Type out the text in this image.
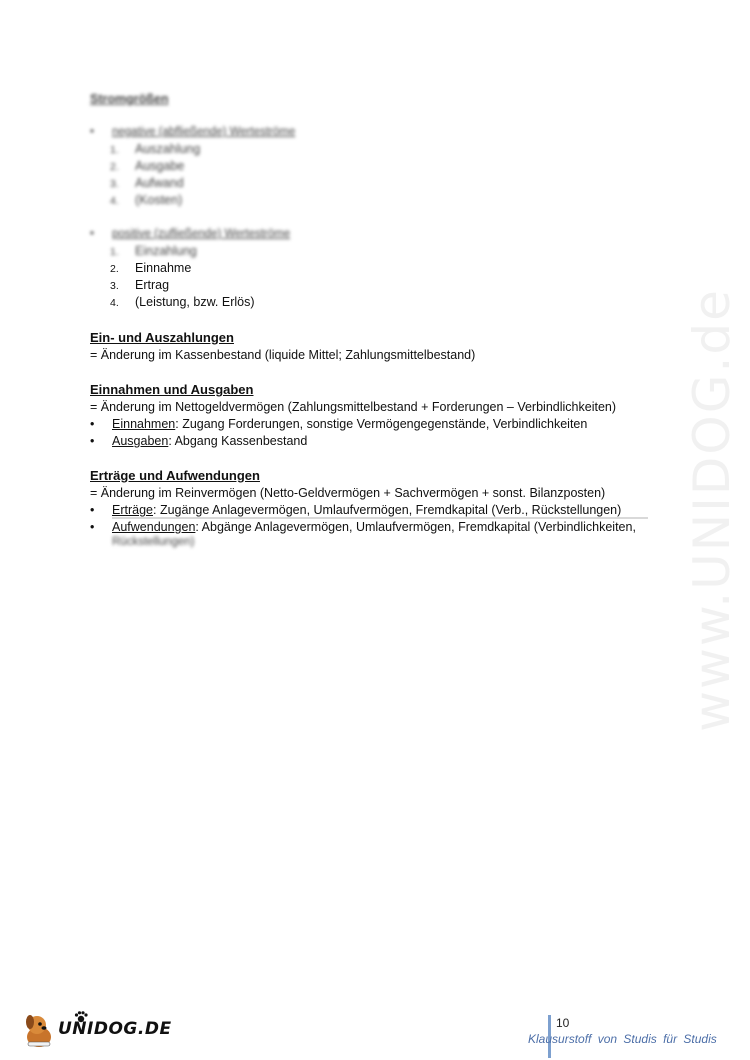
www.UNIDOG.de
Stromgrößen
• negative (abfließende) Werteströme
1. Auszahlung
2. Ausgabe
3. Aufwand
4. (Kosten)
• positive (zufließende) Werteströme
1. Einzahlung
2. Einnahme
3. Ertrag
4. (Leistung, bzw. Erlös)
Ein- und Auszahlungen
= Änderung im Kassenbestand (liquide Mittel; Zahlungsmittelbestand)
Einnahmen und Ausgaben
= Änderung im Nettogeldvermögen (Zahlungsmittelbestand + Forderungen – Verbindlichkeiten)
• Einnahmen: Zugang Forderungen, sonstige Vermögengegenstände, Verbindlichkeiten
• Ausgaben: Abgang Kassenbestand
Erträge und Aufwendungen
= Änderung im Reinvermögen (Netto-Geldvermögen + Sachvermögen + sonst. Bilanzposten)
• Erträge: Zugänge Anlagevermögen, Umlaufvermögen, Fremdkapital (Verb., Rückstellungen)
• Aufwendungen: Abgänge Anlagevermögen, Umlaufvermögen, Fremdkapital (Verbindlichkeiten,
Rückstellungen)
UNIDOG.DE	10
Klausurstoff von Studis für Studis
